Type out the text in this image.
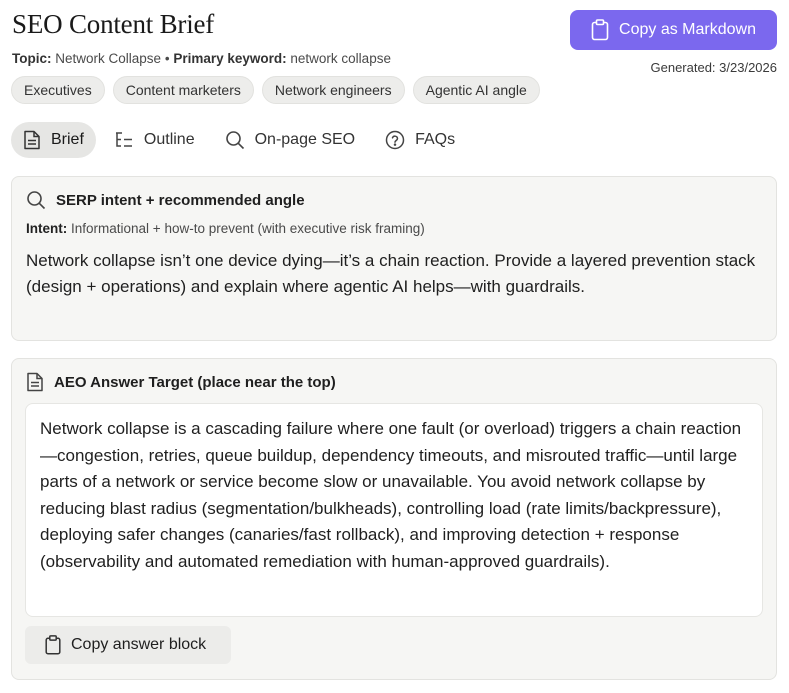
SEO Content Brief
Topic: Network Collapse • Primary keyword: network collapse
Copy as Markdown
Generated: 3/23/2026
Executives	Content marketers	Network engineers	Agentic AI angle
Brief	Outline	On-page SEO	FAQs
SERP intent + recommended angle
Intent: Informational + how-to prevent (with executive risk framing)
Network collapse isn’t one device dying—it’s a chain reaction. Provide a layered prevention stack (design + operations) and explain where agentic AI helps—with guardrails.
AEO Answer Target (place near the top)
Network collapse is a cascading failure where one fault (or overload) triggers a chain reaction—congestion, retries, queue buildup, dependency timeouts, and misrouted traffic—until large parts of a network or service become slow or unavailable. You avoid network collapse by reducing blast radius (segmentation/bulkheads), controlling load (rate limits/backpressure), deploying safer changes (canaries/fast rollback), and improving detection + response (observability and automated remediation with human-approved guardrails).
Copy answer block
